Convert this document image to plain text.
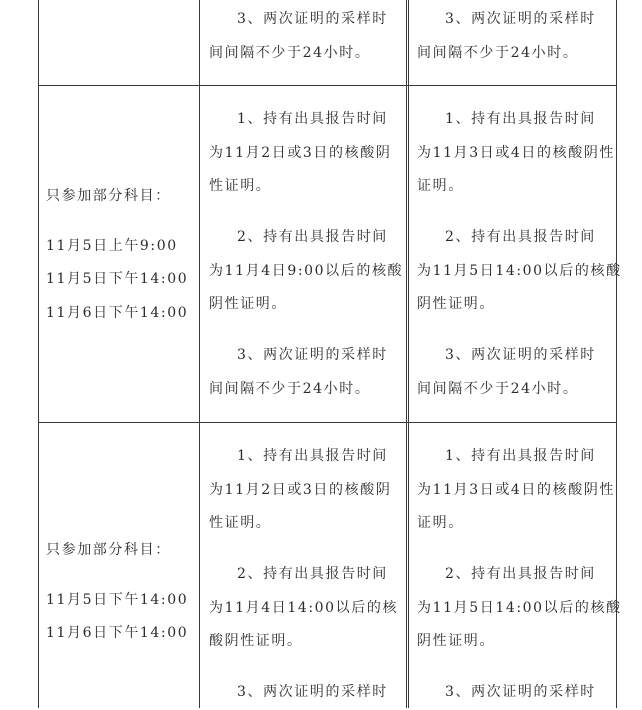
3、两次证明的采样时
间间隔不少于24小时。
3、两次证明的采样时
间间隔不少于24小时。
只参加部分科目：
11月5日上午9:00
11月5日下午14:00
11月6日下午14:00
1、持有出具报告时间
为11月2日或3日的核酸阴
性证明。
2、持有出具报告时间
为11月4日9:00以后的核酸
阴性证明。
3、两次证明的采样时
间间隔不少于24小时。
1、持有出具报告时间
为11月3日或4日的核酸阴性
证明。
2、持有出具报告时间
为11月5日14:00以后的核酸
阴性证明。
3、两次证明的采样时
间间隔不少于24小时。
只参加部分科目：
11月5日下午14:00
11月6日下午14:00
1、持有出具报告时间
为11月2日或3日的核酸阴
性证明。
2、持有出具报告时间
为11月4日14:00以后的核
酸阴性证明。
3、两次证明的采样时
1、持有出具报告时间
为11月3日或4日的核酸阴性
证明。
2、持有出具报告时间
为11月5日14:00以后的核酸
阴性证明。
3、两次证明的采样时
